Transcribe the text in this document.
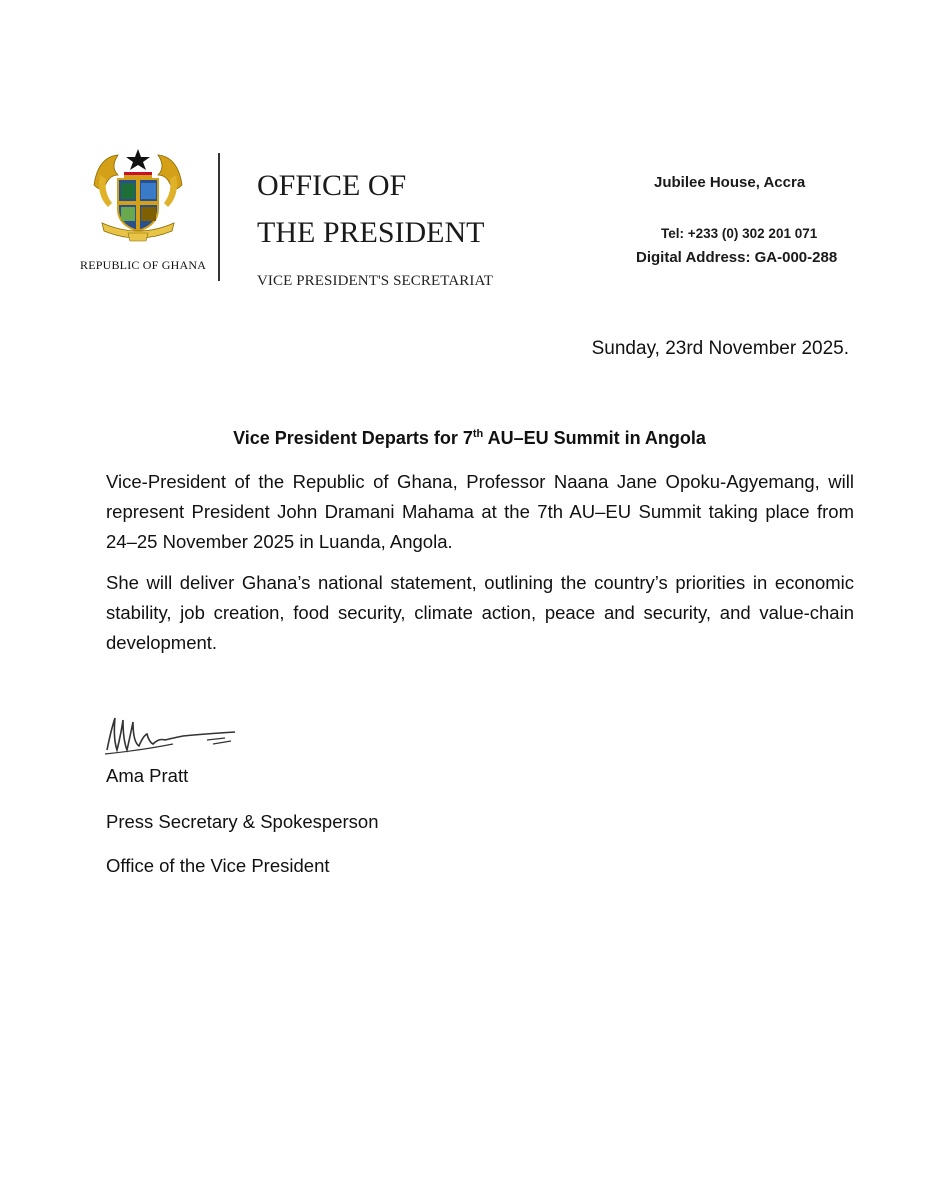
REPUBLIC OF GHANA
OFFICE OF
THE PRESIDENT
VICE PRESIDENT'S SECRETARIAT
Jubilee House, Accra
Tel: +233 (0) 302 201 071
Digital Address: GA-000-288
Sunday, 23rd November 2025.
Vice President Departs for 7th AU–EU Summit in Angola
Vice-President of the Republic of Ghana, Professor Naana Jane Opoku-Agyemang, will represent President John Dramani Mahama at the 7th AU–EU Summit taking place from 24–25 November 2025 in Luanda, Angola.
She will deliver Ghana’s national statement, outlining the country’s priorities in economic stability, job creation, food security, climate action, peace and security, and value-chain development.
Ama Pratt
Press Secretary & Spokesperson
Office of the Vice President
